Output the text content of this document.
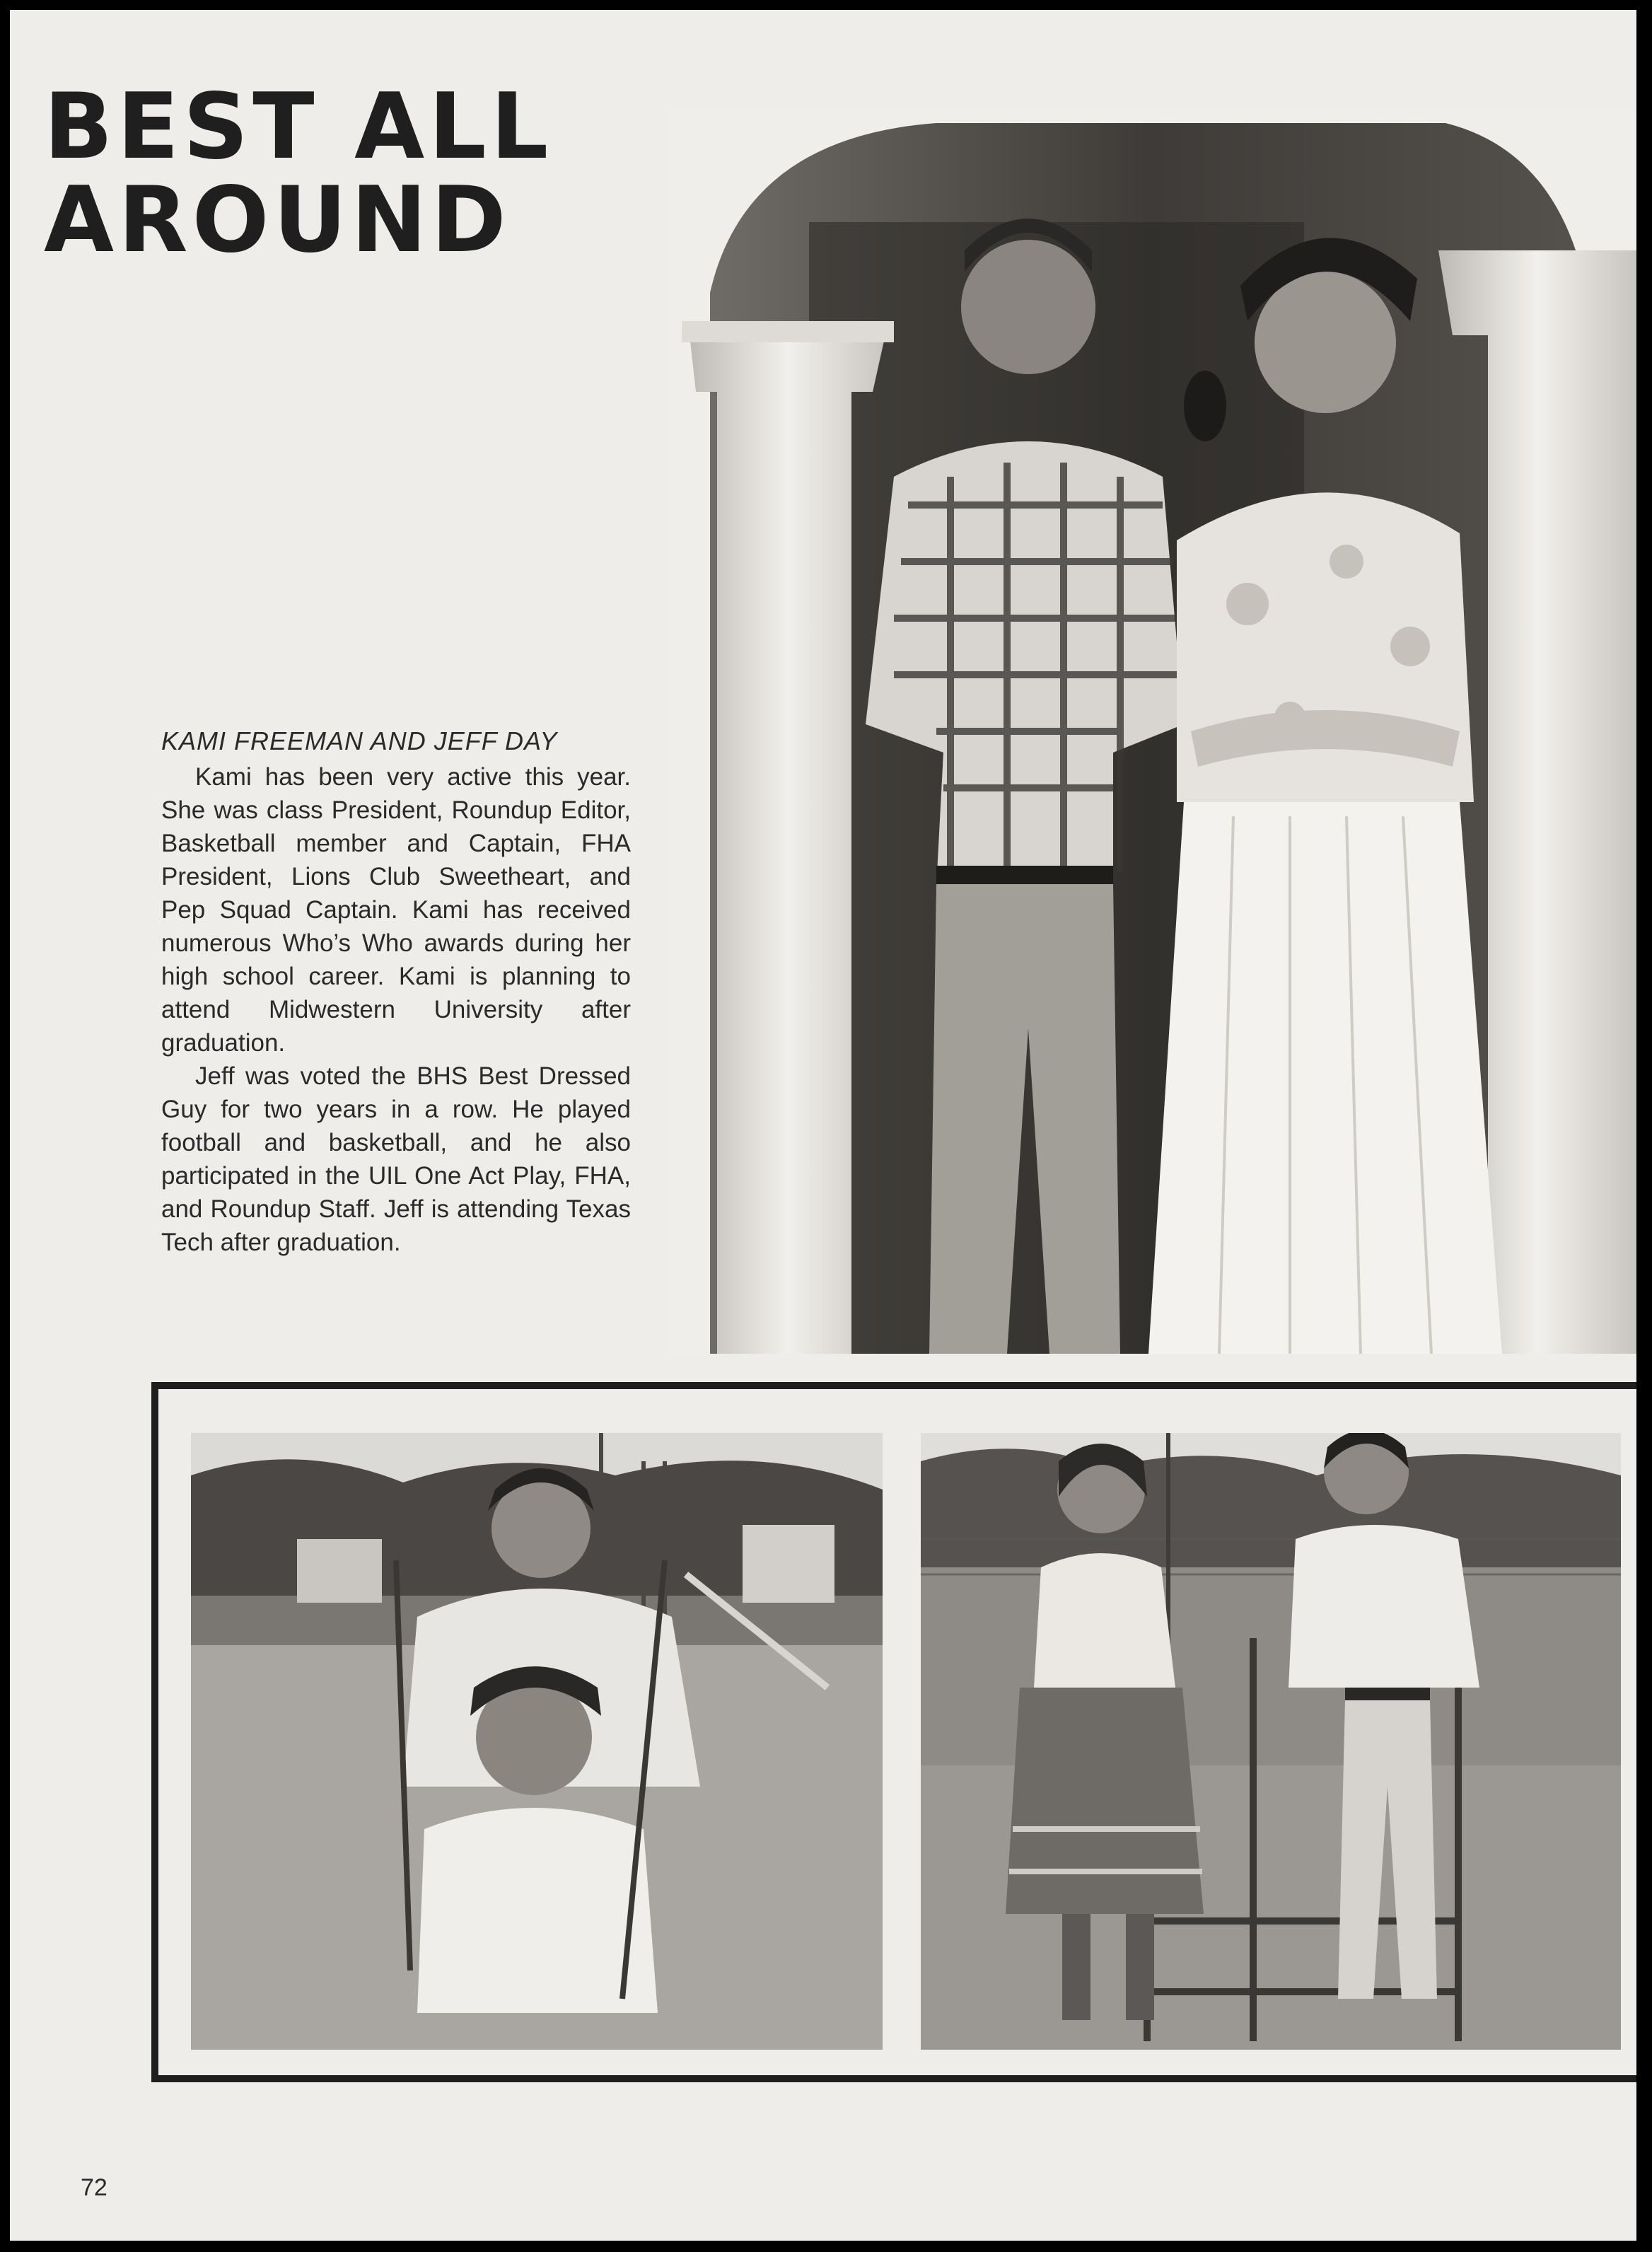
BEST ALL
AROUND
KAMI FREEMAN AND JEFF DAY

Kami has been very active this year. She was class President, Roundup Editor, Basketball member and Captain, FHA President, Lions Club Sweetheart, and Pep Squad Captain. Kami has received numerous Who’s Who awards during her high school career. Kami is planning to attend Midwestern University after graduation.

Jeff was voted the BHS Best Dressed Guy for two years in a row. He played football and basketball, and he also participated in the UIL One Act Play, FHA, and Roundup Staff. Jeff is attending Texas Tech after graduation.

72
